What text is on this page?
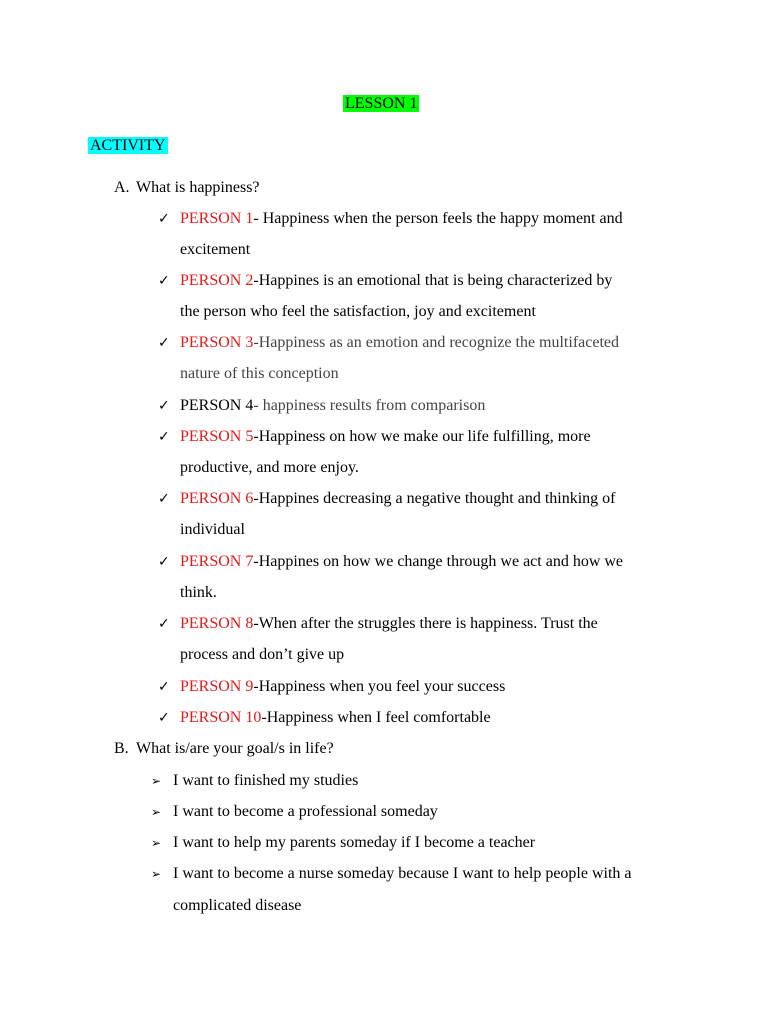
LESSON 1
ACTIVITY
A. What is happiness?
✓ PERSON 1- Happiness when the person feels the happy moment and
excitement
✓ PERSON 2-Happines is an emotional that is being characterized by
the person who feel the satisfaction, joy and excitement
✓ PERSON 3-Happiness as an emotion and recognize the multifaceted
nature of this conception
✓ PERSON 4- happiness results from comparison
✓ PERSON 5-Happiness on how we make our life fulfilling, more
productive, and more enjoy.
✓ PERSON 6-Happines decreasing a negative thought and thinking of
individual
✓ PERSON 7-Happines on how we change through we act and how we
think.
✓ PERSON 8-When after the struggles there is happiness. Trust the
process and don’t give up
✓ PERSON 9-Happiness when you feel your success
✓ PERSON 10-Happiness when I feel comfortable
B. What is/are your goal/s in life?
➢ I want to finished my studies
➢ I want to become a professional someday
➢ I want to help my parents someday if I become a teacher
➢ I want to become a nurse someday because I want to help people with a
complicated disease
